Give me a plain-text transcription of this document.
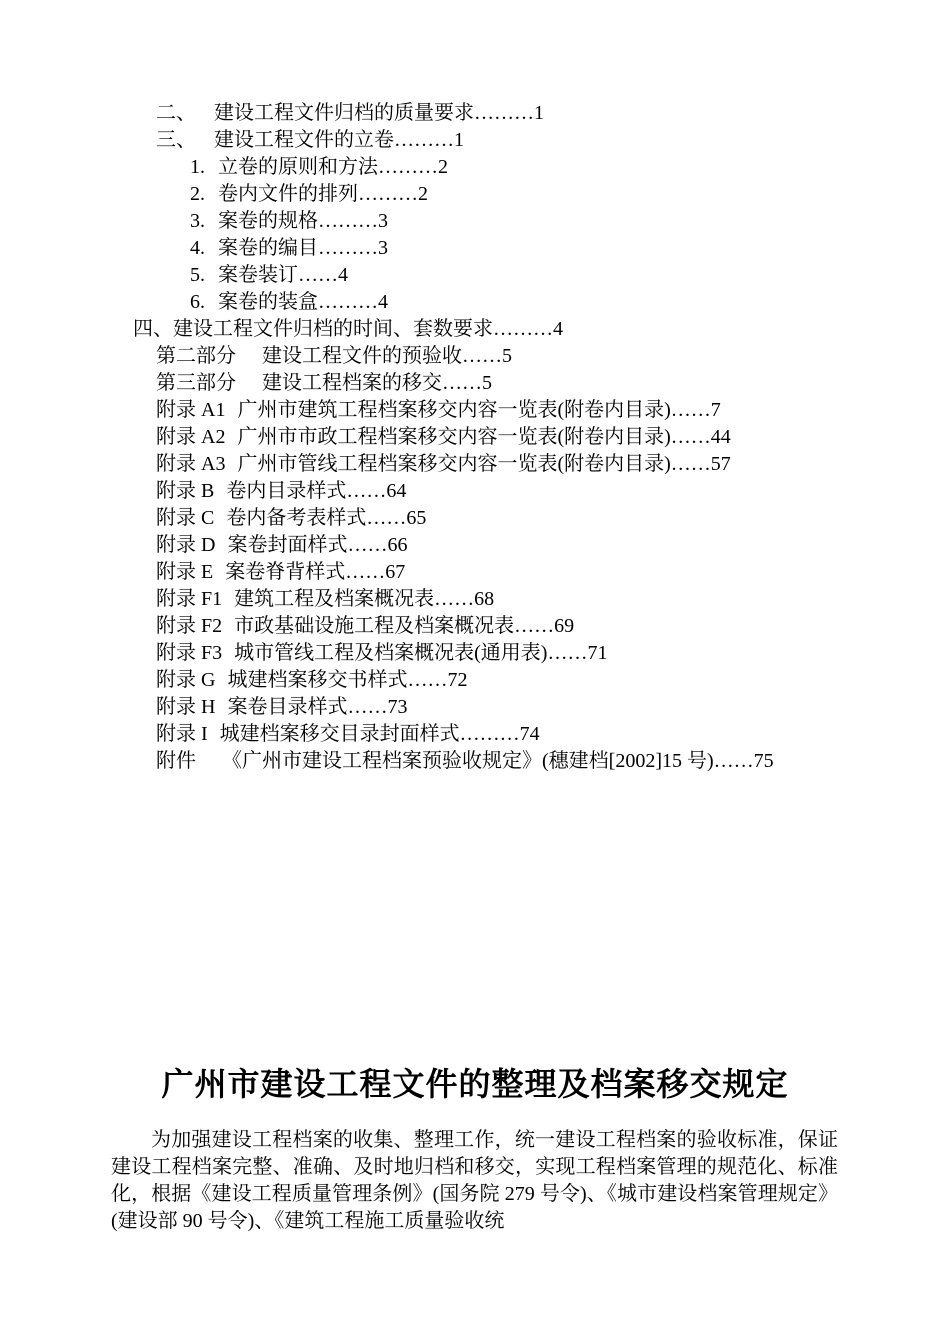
二、 建设工程文件归档的质量要求………1
三、 建设工程文件的立卷………1
1. 立卷的原则和方法………2
2. 卷内文件的排列………2
3. 案卷的规格………3
4. 案卷的编目………3
5. 案卷装订……4
6. 案卷的装盒………4
四、建设工程文件归档的时间、套数要求………4
第二部分 建设工程文件的预验收……5
第三部分 建设工程档案的移交……5
附录 A1 广州市建筑工程档案移交内容一览表(附卷内目录)……7
附录 A2 广州市市政工程档案移交内容一览表(附卷内目录)……44
附录 A3 广州市管线工程档案移交内容一览表(附卷内目录)……57
附录 B 卷内目录样式……64
附录 C 卷内备考表样式……65
附录 D 案卷封面样式……66
附录 E 案卷脊背样式……67
附录 F1 建筑工程及档案概况表……68
附录 F2 市政基础设施工程及档案概况表……69
附录 F3 城市管线工程及档案概况表(通用表)……71
附录 G 城建档案移交书样式……72
附录 H 案卷目录样式……73
附录 I 城建档案移交目录封面样式………74
附件 《广州市建设工程档案预验收规定》(穗建档[2002]15 号)……75
广州市建设工程文件的整理及档案移交规定
为加强建设工程档案的收集、整理工作，统一建设工程档案的验收标准，保证建设工程档案完整、准确、及时地归档和移交，实现工程档案管理的规范化、标准化，根据《建设工程质量管理条例》(国务院 279 号令)、《城市建设档案管理规定》(建设部 90 号令)、《建筑工程施工质量验收统
